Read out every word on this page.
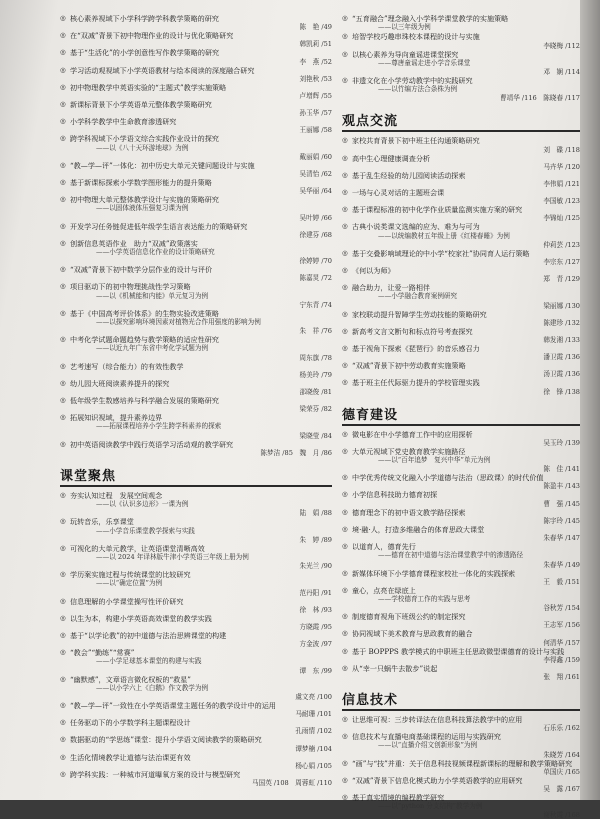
◎ 核心素养视域下小学科学跨学科教学策略的研究
陈　艳 /49
◎ 在“双减”背景下初中物理作业的设计与优化策略研究
韩凯莉 /51
◎ 基于“生活化”的小学创意性写作教学策略的研究
李　燕 /52
◎ 学习活动观视域下小学英语教材与绘本阅读的深度融合研究
刘艳秋 /53
◎ 初中物理教学中英语实验的“主题式”教学实施策略
卢增辉 /55
◎ 新课标背景下小学英语单元整体教学策略研究
孙玉华 /57
◎ 小学科学教学中生命教育渗透研究
王丽娜 /58
◎ 跨学科视域下小学语文综合实践作业设计的探究
——以《八十天环游地球》为例
戴丽娟 /60
◎ “教—学—评”一体化：初中历史大单元关键问题设计与实施
吴清怡 /62
◎ 基于新课标探索小学数学图形能力的提升策略
吴华丽 /64
◎ 初中物理大单元整体教学设计与实施的策略研究
——以固体液体压强复习课为例
吴叶婷 /66
◎ 开发学习任务链促进低年级学生语言表达能力的策略研究
徐建芬 /68
◎ 创新信息英语作业　助力“双减”政策落实
——小学英语信息化作业的设计策略研究
徐婷婷 /70
◎ “双减”背景下初中数学分层作业的设计与评价
陈嘉炅 /72
◎ 项目驱动下的初中物理挑战性学习策略
——以《机械能和内能》单元复习为例
宁东青 /74
◎ 基于《中国高考评价体系》的生物实验改进策略
——以探究影响环境因素对植物光合作用强度的影响为例
朱　祥 /76
◎ 中考化学试题命题趋势与教学策略的适应性研究
——以近九年广东省中考化学试题为例
周东旗 /78
◎ 艺考速写（综合能力）的有效性教学
杨美玲 /79
◎ 幼儿园大班阅读素养提升的探究
邵晓俊 /81
◎ 低年级学生数感培养与科学融合发展的策略研究
梁荣芬 /82
◎ 拓展知识视域，提升素养边界
——拓展课程培养小学生跨学科素养的探索
梁晓莹 /84
◎ 初中英语阅读教学中践行英语学习活动观的教学研究
陈梦洁 /85　魏　月 /86
课堂聚焦
◎ 夯实认知过程　发展空间观念
——以《认识多边形》一课为例
陆　娟 /88
◎ 玩转音乐，乐享课堂
——小学音乐课堂教学探索与实践
朱　婷 /89
◎ 可视化的大单元教学，让英语课堂清晰高效
——以 2024 年译林版牛津小学英语三年级上册为例
朱光兰 /90
◎ 学历案实施过程与传统课堂的比较研究
——以“确定位置”为例
范丹阳 /91
◎ 信息理解的小学课堂操写性评价研究
徐　林 /93
◎ 以生为本，构建小学英语高效课堂的教学实践
方晓霞 /95
◎ 基于“以学论教”的初中道德与法治思辨课堂的构建
方金波 /97
◎ “教会”“勤练”“常赛”
——小学足球基本课堂的构建与实践
谭　东 /99
◎ “幽默感”，文章语言微化权板的“救星”
——以小学六上《白鹅》作文教学为例
虞文亮 /100
◎ “教—学—评”一致性在小学英语课堂主题任务的教学设计中的运用
马耐珊 /101
◎ 任务驱动下的小学数学科主题课程设计
孔雨情 /102
◎ 数据驱动的“学思练”课堂：提升小学语文阅读教学的策略研究
谭梦楠 /104
◎ 生活化情境教学让道德与法治课更有效
杨心娟 /105
◎ 跨学科实践：一种城市河道曝氧方案的设计与模型研究
马国英 /108　周蓉虹 /110
◎ “五育融合”理念融入小学科学课堂教学的实施策略
——以三年级为例
◎ 培智学校巧趣串珠校本课程的设计与实施
李晓梅 /112
◎ 以核心素养为导向童谣进课堂探究
——尊唐童谣走进小学音乐课堂
邓　娴 /114
◎ 非遗文化在小学劳动教学中的实践研究
——以竹编方法合条株为例
曹靖华 /116　陈晓春 /117
观点交流
◎ 家校共育背景下初中班主任沟通策略研究
刘　碟 /118
◎ 高中生心理健康调查分析
马卉华 /120
◎ 基于乱生经验的幼儿园阅读活动探索
李伟娟 /121
◎ 一场与心灵对话的主题班会课
李国敏 /123
◎ 基于课程标准的初中化学作业质量监测实施方案的研究
李锦灿 /125
◎ 古典小说类课文选编的应为、难为与可为
——以统编教材五年级上册《红楼春睡》为例
仲莉芸 /123
◎ 基于交叠影响域理论的中小学“校家社”协同育人运行策略
李宗东 /127
◎ 《何以为师》
郑　青 /129
◎ 融合助力，让爱一路相伴
——小学融合教育案例研究
梁丽娜 /130
◎ 家校联动提升智障学生劳动技能的策略研究
陈建珍 /132
◎ 新高考文言文断句和标点符号考查探究
韩发湘 /133
◎ 基于视角下探索《琵琶行》的音乐感召力
潘卫霞 /136
◎ “双减”背景下初中劳动教育实施策略
汤卫霞 /136
◎ 基于班主任代际驱力提升的学校管理实践
徐　锋 /138
德育建设
◎ 微电影在中小学德育工作中的应用探析
吴玉玲 /139
◎ 大单元视域下党史教育教学实施路径
——以“百年追梦　复兴中华”单元为例
陈　佳 /141
◎ 中学优秀传统文化融入小学道德与法治（思政课）的时代价值
陈盈丰 /143
◎ 小学信息科技助力德育初探
曹　强 /145
◎ 德育理念下的初中语文教学路径探索
陈宇玲 /145
◎ 境·融·人，打造多维融合的体育思政大课堂
朱春华 /147
◎ 以道育人，德育先行
——德育在初中道德与法治课堂教学中的渗透路径
朱春华 /149
◎ 新媒体环境下小学德育课程家校社一体化的实践探索
王　毅 /151
◎ 童心，点亮在绿底上
——学校德育工作的实践与思考
谷秋芳 /154
◎ 制度德育视角下班级公约的制定探究
王志军 /156
◎ 协同视域下美术教育与思政教育的融合
何清华 /157
◎ 基于 BOPPPS 教学模式的中职班主任思政微型课德育的设计与实践
李得鑫 /159
◎ 从“幸一只蜗牛去散步”说起
张　翔 /161
信息技术
◎ 让思维可视：三步转译法在信息科技算法教学中的应用
石乐乐 /162
◎ 信息技术与直播电商基础课程的运用与实践研究
——以“直播介绍文创新形象”为例
朱晓芳 /164
◎ “画”与“技”并重：关于信息科技视频课程新课标的理解和教学策略研究
单国庆 /165
◎ “双减”背景下信息化模式助力小学英语教学的应用研究
吴　露 /167
◎ 基于真实情境的编程教学研究
——以“python 分支结构”教学为例
谢秋霞 /168
